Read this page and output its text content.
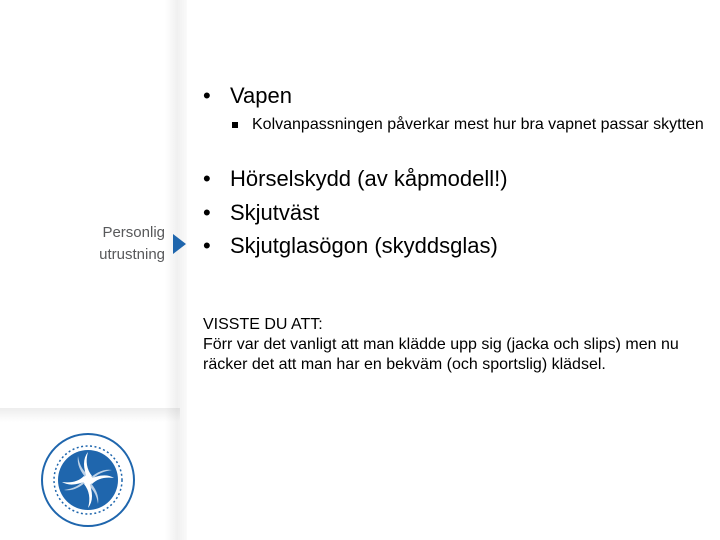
Personlig
utrustning
• Vapen
Kolvanpassningen påverkar mest hur bra vapnet passar skytten
• Hörselskydd (av kåpmodell!)
• Skjutväst
• Skjutglasögon (skyddsglas)
VISSTE DU ATT:
Förr var det vanligt att man klädde upp sig (jacka och slips) men nu räcker det att man har en bekväm (och sportslig) klädsel.
